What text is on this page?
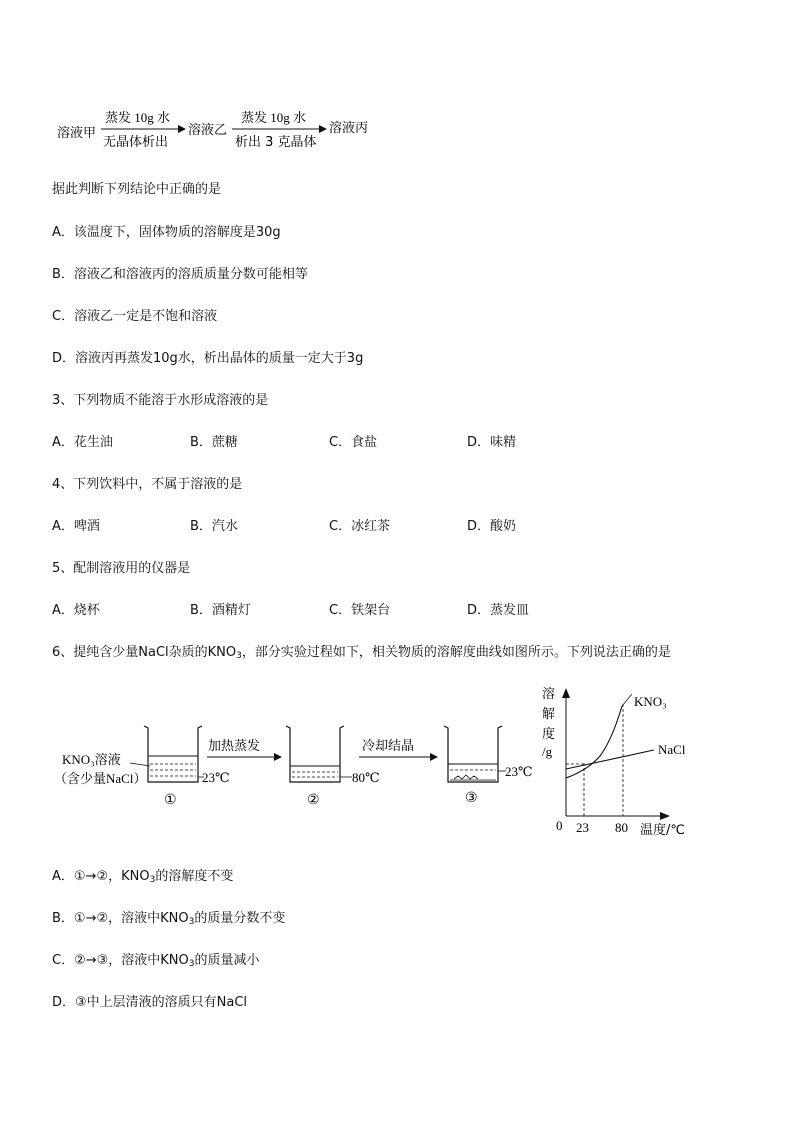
溶液甲
蒸发 10g 水
无晶体析出
溶液乙
蒸发 10g 水
析出 3 克晶体
溶液丙
据此判断下列结论中正确的是
A．该温度下，固体物质的溶解度是30g
B．溶液乙和溶液丙的溶质质量分数可能相等
C．溶液乙一定是不饱和溶液
D．溶液丙再蒸发10g水，析出晶体的质量一定大于3g
3、下列物质不能溶于水形成溶液的是
A．花生油	B．蔗糖	C．食盐	D．味精
4、下列饮料中，不属于溶液的是
A．啤酒	B．汽水	C．冰红茶	D．酸奶
5、配制溶液用的仪器是
A．烧杯	B．酒精灯	C．铁架台	D．蒸发皿
6、提纯含少量NaCl杂质的$KNO_3$，部分实验过程如下，相关物质的溶解度曲线如图所示。下列说法正确的是
KNO₃溶液
（含少量NaCl）	23℃
①
加热蒸发
80℃
②
冷却结晶
23℃
③
溶
解
度
/g
KNO₃
NaCl
0 23 80 温度/℃
A．①→②，$KNO_3$的溶解度不变
B．①→②，溶液中$KNO_3$的质量分数不变
C．②→③，溶液中$KNO_3$的质量减小
D．③中上层清液的溶质只有NaCl
